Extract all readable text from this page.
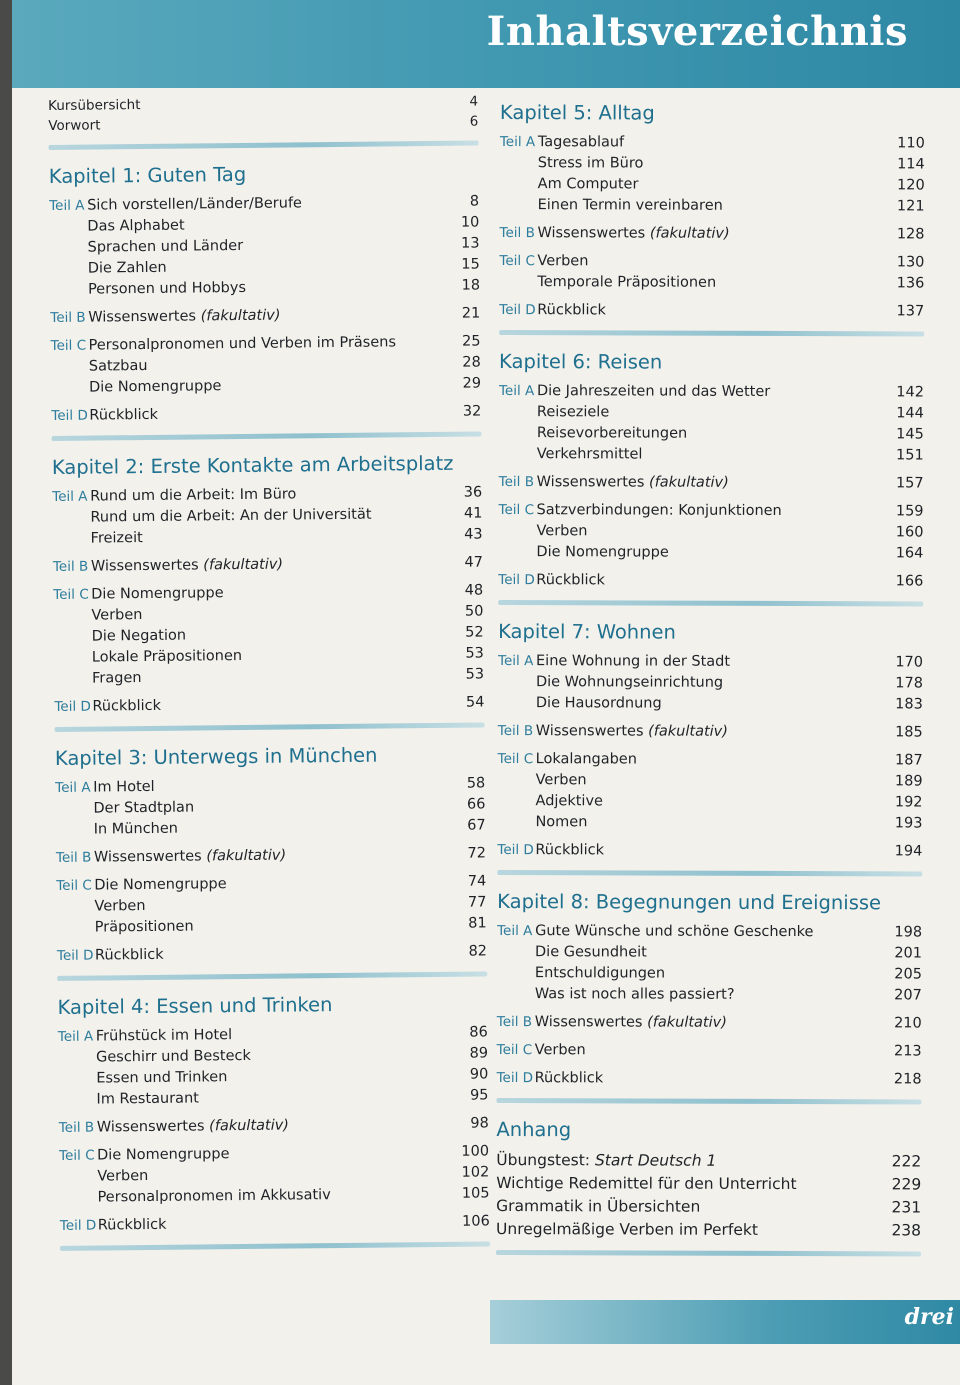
Inhaltsverzeichnis
Kursübersicht	4
Vorwort	6
Kapitel 1: Guten Tag
Teil A Sich vorstellen/Länder/Berufe	8
Das Alphabet	10
Sprachen und Länder	13
Die Zahlen	15
Personen und Hobbys	18
Teil B Wissenswertes (fakultativ)	21
Teil C Personalpronomen und Verben im Präsens	25
Satzbau	28
Die Nomengruppe	29
Teil D Rückblick	32
Kapitel 2: Erste Kontakte am Arbeitsplatz
Teil A Rund um die Arbeit: Im Büro	36
Rund um die Arbeit: An der Universität	41
Freizeit	43
Teil B Wissenswertes (fakultativ)	47
Teil C Die Nomengruppe	48
Verben	50
Die Negation	52
Lokale Präpositionen	53
Fragen	53
Teil D Rückblick	54
Kapitel 3: Unterwegs in München
Teil A Im Hotel	58
Der Stadtplan	66
In München	67
Teil B Wissenswertes (fakultativ)	72
Teil C Die Nomengruppe	74
Verben	77
Präpositionen	81
Teil D Rückblick	82
Kapitel 4: Essen und Trinken
Teil A Frühstück im Hotel	86
Geschirr und Besteck	89
Essen und Trinken	90
Im Restaurant	95
Teil B Wissenswertes (fakultativ)	98
Teil C Die Nomengruppe	100
Verben	102
Personalpronomen im Akkusativ	105
Teil D Rückblick	106
Kapitel 5: Alltag
Teil A Tagesablauf	110
Stress im Büro	114
Am Computer	120
Einen Termin vereinbaren	121
Teil B Wissenswertes (fakultativ)	128
Teil C Verben	130
Temporale Präpositionen	136
Teil D Rückblick	137
Kapitel 6: Reisen
Teil A Die Jahreszeiten und das Wetter	142
Reiseziele	144
Reisevorbereitungen	145
Verkehrsmittel	151
Teil B Wissenswertes (fakultativ)	157
Teil C Satzverbindungen: Konjunktionen	159
Verben	160
Die Nomengruppe	164
Teil D Rückblick	166
Kapitel 7: Wohnen
Teil A Eine Wohnung in der Stadt	170
Die Wohnungseinrichtung	178
Die Hausordnung	183
Teil B Wissenswertes (fakultativ)	185
Teil C Lokalangaben	187
Verben	189
Adjektive	192
Nomen	193
Teil D Rückblick	194
Kapitel 8: Begegnungen und Ereignisse
Teil A Gute Wünsche und schöne Geschenke	198
Die Gesundheit	201
Entschuldigungen	205
Was ist noch alles passiert?	207
Teil B Wissenswertes (fakultativ)	210
Teil C Verben	213
Teil D Rückblick	218
Anhang
Übungstest: Start Deutsch 1	222
Wichtige Redemittel für den Unterricht	229
Grammatik in Übersichten	231
Unregelmäßige Verben im Perfekt	238
drei
